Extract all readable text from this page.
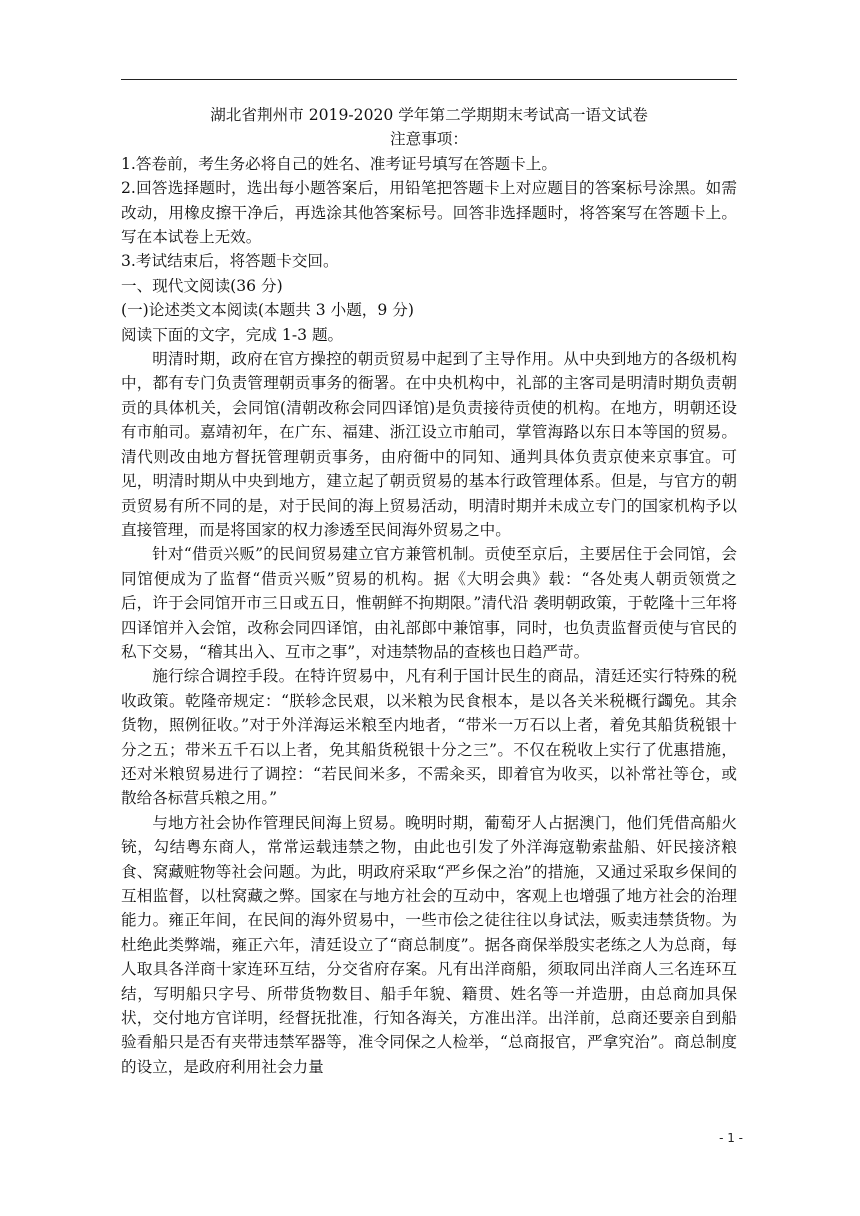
湖北省荆州市 2019-2020 学年第二学期期末考试高一语文试卷
注意事项：

1.答卷前，考生务必将自己的姓名、准考证号填写在答题卡上。

2.回答选择题时，选出每小题答案后，用铅笔把答题卡上对应题目的答案标号涂黑。如需改动，用橡皮擦干净后，再选涂其他答案标号。回答非选择题时，将答案写在答题卡上。写在本试卷上无效。

3.考试结束后，将答题卡交回。

一、现代文阅读(36 分)

(一)论述类文本阅读(本题共 3 小题，9 分)

阅读下面的文字，完成 1-3 题。

明清时期，政府在官方操控的朝贡贸易中起到了主导作用。从中央到地方的各级机构中，都有专门负责管理朝贡事务的衙署。在中央机构中，礼部的主客司是明清时期负责朝贡的具体机关，会同馆(清朝改称会同四译馆)是负责接待贡使的机构。在地方，明朝还设有市舶司。嘉靖初年，在广东、福建、浙江设立市舶司，掌管海路以东日本等国的贸易。清代则改由地方督抚管理朝贡事务，由府衙中的同知、通判具体负责京使来京事宜。可见，明清时期从中央到地方，建立起了朝贡贸易的基本行政管理体系。但是，与官方的朝贡贸易有所不同的是，对于民间的海上贸易活动，明清时期并未成立专门的国家机构予以直接管理，而是将国家的权力渗透至民间海外贸易之中。

针对“借贡兴贩”的民间贸易建立官方兼管机制。贡使至京后，主要居住于会同馆，会同馆便成为了监督“借贡兴贩”贸易的机构。据《大明会典》载：“各处夷人朝贡领赏之后，许于会同馆开市三日或五日，惟朝鲜不拘期限。”清代沿 袭明朝政策，于乾隆十三年将四译馆并入会馆，改称会同四译馆，由礼部郎中兼馆事，同时，也负责监督贡使与官民的私下交易，“稽其出入、互市之事”，对违禁物品的查核也日趋严苛。

施行综合调控手段。在特许贸易中，凡有利于国计民生的商品，清廷还实行特殊的税收政策。乾隆帝规定：“朕轸念民艰，以米粮为民食根本，是以各关米税概行蠲免。其余货物，照例征收。”对于外洋海运米粮至内地者，“带米一万石以上者，着免其船货税银十分之五；带米五千石以上者，免其船货税银十分之三”。不仅在税收上实行了优惠措施，还对米粮贸易进行了调控：“若民间米多，不需籴买，即着官为收买，以补常社等仓，或散给各标营兵粮之用。”

与地方社会协作管理民间海上贸易。晚明时期，葡萄牙人占据澳门，他们凭借高船火铳，勾结粤东商人，常常运载违禁之物，由此也引发了外洋海寇勒索盐船、奸民接济粮食、窝藏赃物等社会问题。为此，明政府采取“严乡保之治”的措施，又通过采取乡保间的互相监督，以杜窝藏之弊。国家在与地方社会的互动中，客观上也增强了地方社会的治理能力。雍正年间，在民间的海外贸易中，一些市侩之徒往往以身试法，贩卖违禁货物。为杜绝此类弊端，雍正六年，清廷设立了“商总制度”。据各商保举殷实老练之人为总商，每人取具各洋商十家连环互结，分交省府存案。凡有出洋商船，须取同出洋商人三名连环互结，写明船只字号、所带货物数目、船手年貌、籍贯、姓名等一并造册，由总商加具保状，交付地方官详明，经督抚批准，行知各海关，方准出洋。出洋前，总商还要亲自到船验看船只是否有夹带违禁军器等，准令同保之人检举，“总商报官，严拿究治”。商总制度的设立，是政府利用社会力量

- 1 -
